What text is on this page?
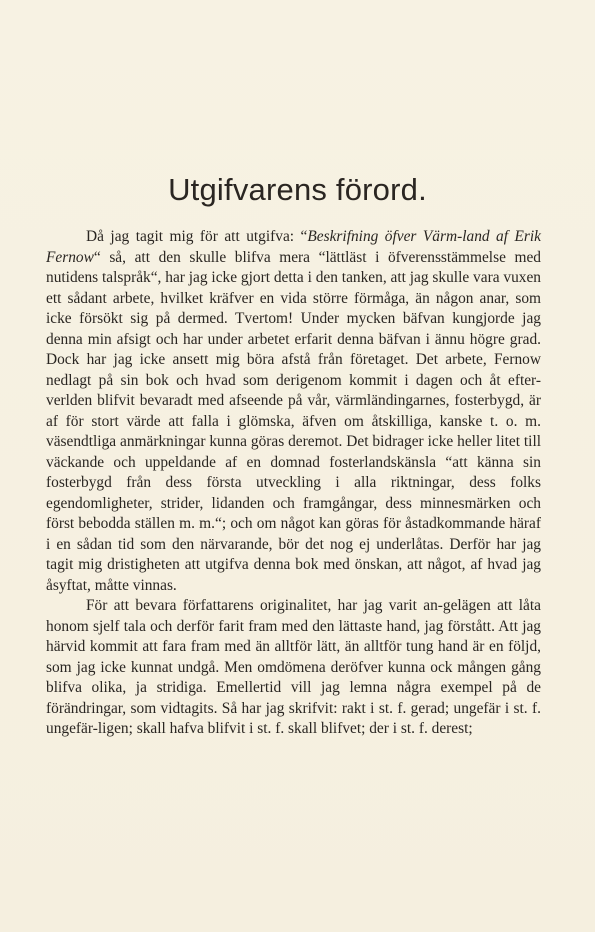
Utgifvarens förord.

Då jag tagit mig för att utgifva: “Beskrifning öfver Värm-land af Erik Fernow“ så, att den skulle blifva mera “lättläst i öfverensstämmelse med nutidens talspråk“, har jag icke gjort detta i den tanken, att jag skulle vara vuxen ett sådant arbete, hvilket kräfver en vida större förmåga, än någon anar, som icke försökt sig på dermed. Tvertom! Under mycken bäfvan kungjorde jag denna min afsigt och har under arbetet erfarit denna bäfvan i ännu högre grad. Dock har jag icke ansett mig böra afstå från företaget. Det arbete, Fernow nedlagt på sin bok och hvad som derigenom kommit i dagen och åt efter-verlden blifvit bevaradt med afseende på vår, värmländingarnes, fosterbygd, är af för stort värde att falla i glömska, äfven om åtskilliga, kanske t. o. m. väsendtliga anmärkningar kunna göras deremot. Det bidrager icke heller litet till väckande och uppeldande af en domnad fosterlandskänsla “att känna sin fosterbygd från dess första utveckling i alla riktningar, dess folks egendomligheter, strider, lidanden och framgångar, dess minnesmärken och först bebodda ställen m. m.“; och om något kan göras för åstadkommande häraf i en sådan tid som den närvarande, bör det nog ej underlåtas. Derför har jag tagit mig dristigheten att utgifva denna bok med önskan, att något, af hvad jag åsyftat, måtte vinnas.

För att bevara författarens originalitet, har jag varit an-gelägen att låta honom sjelf tala och derför farit fram med den lättaste hand, jag förstått. Att jag härvid kommit att fara fram med än alltför lätt, än alltför tung hand är en följd, som jag icke kunnat undgå. Men omdömena deröfver kunna ock mången gång blifva olika, ja stridiga. Emellertid vill jag lemna några exempel på de förändringar, som vidtagits. Så har jag skrifvit: rakt i st. f. gerad; ungefär i st. f. ungefär-ligen; skall hafva blifvit i st. f. skall blifvet; der i st. f. derest;
